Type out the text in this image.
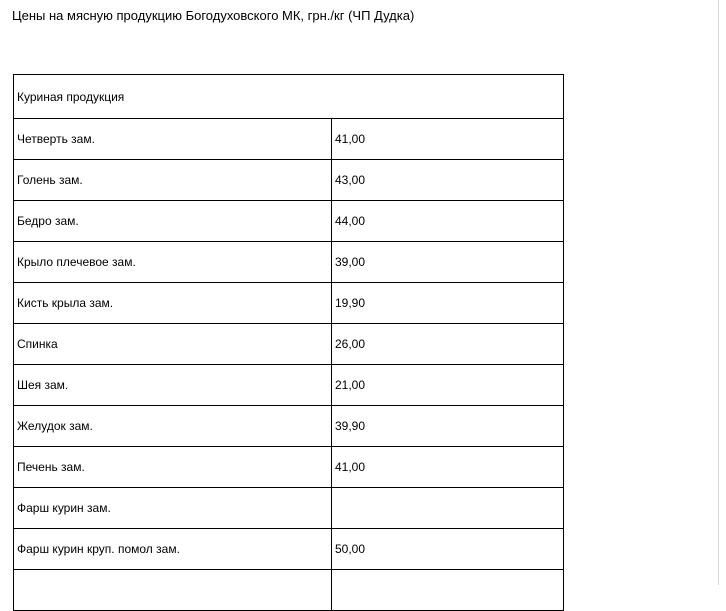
Цены на мясную продукцию Богодуховского МК, грн./кг (ЧП Дудка)
Куриная продукция	
Четверть зам.	41,00
Голень зам.	43,00
Бедро зам.	44,00
Крыло плечевое зам.	39,00
Кисть крыла зам.	19,90
Спинка	26,00
Шея зам.	21,00
Желудок зам.	39,90
Печень зам.	41,00
Фарш курин зам.	
Фарш курин круп. помол зам.	50,00
